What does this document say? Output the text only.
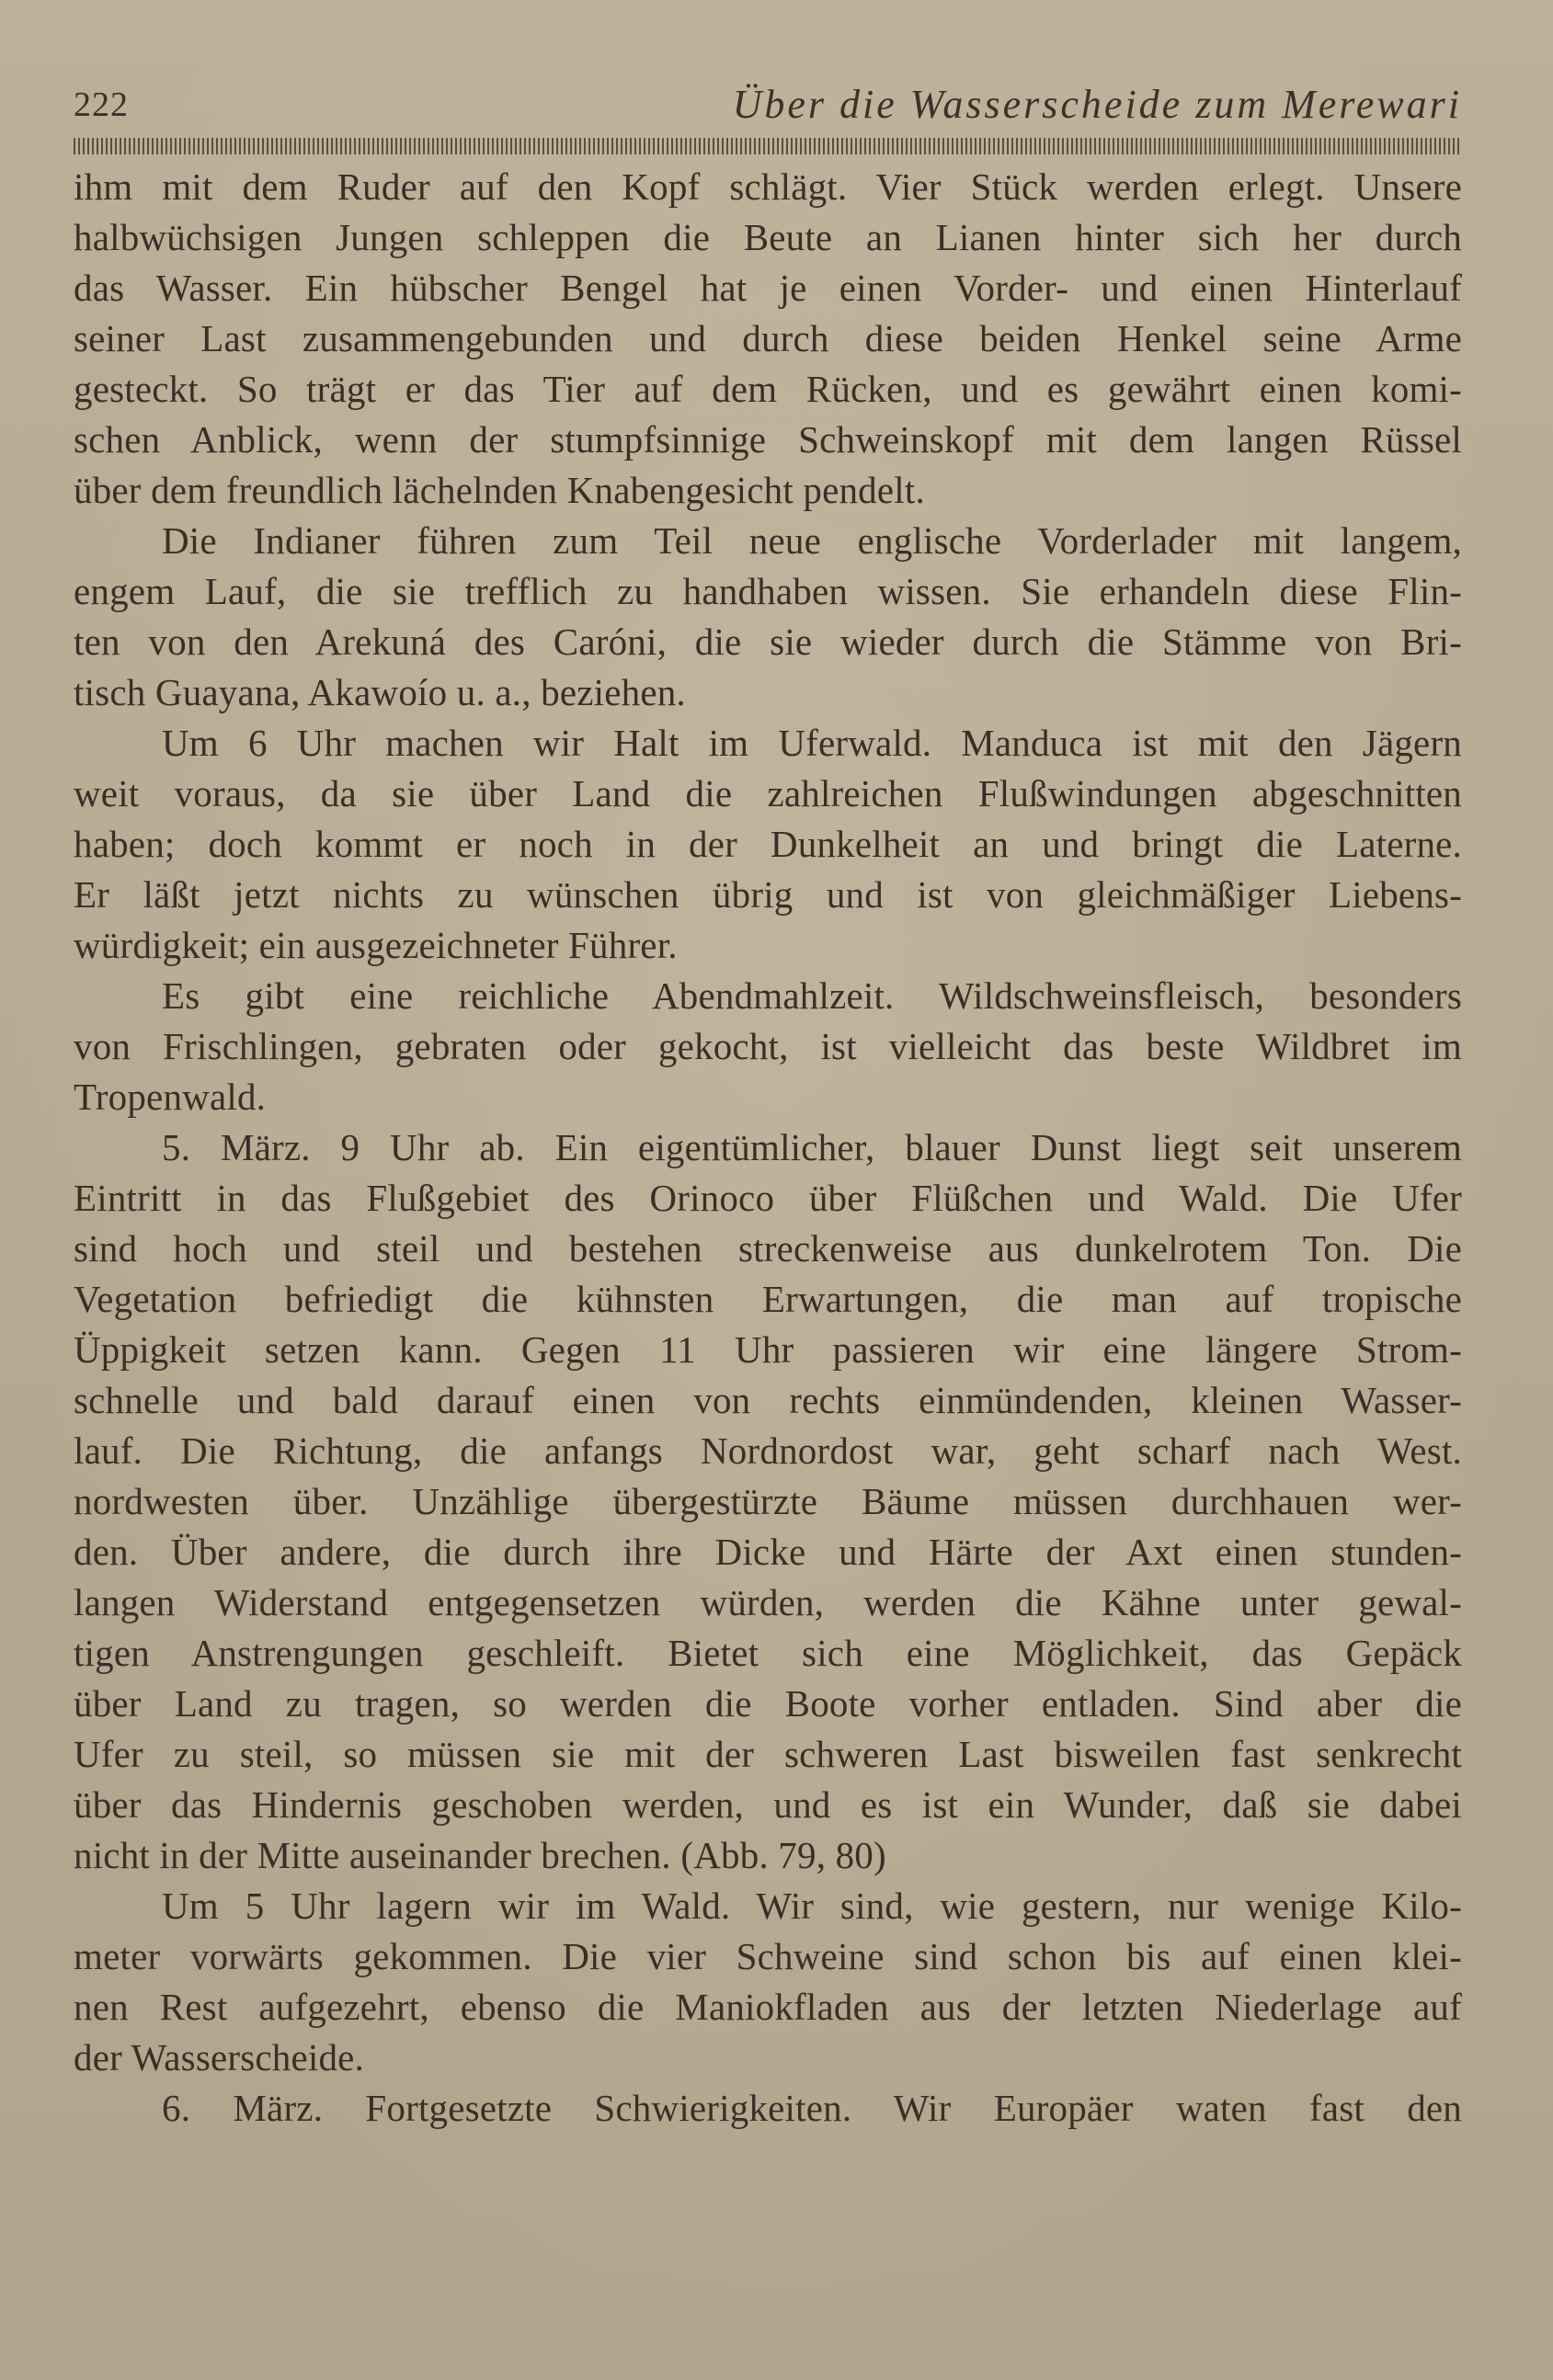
222	Über die Wasserscheide zum Merewari
ihm mit dem Ruder auf den Kopf schlägt. Vier Stück werden erlegt. Unsere
halbwüchsigen Jungen schleppen die Beute an Lianen hinter sich her durch
das Wasser. Ein hübscher Bengel hat je einen Vorder- und einen Hinterlauf
seiner Last zusammengebunden und durch diese beiden Henkel seine Arme
gesteckt. So trägt er das Tier auf dem Rücken, und es gewährt einen komi-
schen Anblick, wenn der stumpfsinnige Schweinskopf mit dem langen Rüssel
über dem freundlich lächelnden Knabengesicht pendelt.
Die Indianer führen zum Teil neue englische Vorderlader mit langem,
engem Lauf, die sie trefflich zu handhaben wissen. Sie erhandeln diese Flin-
ten von den Arekuná des Caróni, die sie wieder durch die Stämme von Bri-
tisch Guayana, Akawoío u. a., beziehen.
Um 6 Uhr machen wir Halt im Uferwald. Manduca ist mit den Jägern
weit voraus, da sie über Land die zahlreichen Flußwindungen abgeschnitten
haben; doch kommt er noch in der Dunkelheit an und bringt die Laterne.
Er läßt jetzt nichts zu wünschen übrig und ist von gleichmäßiger Liebens-
würdigkeit; ein ausgezeichneter Führer.
Es gibt eine reichliche Abendmahlzeit. Wildschweinsfleisch, besonders
von Frischlingen, gebraten oder gekocht, ist vielleicht das beste Wildbret im
Tropenwald.
5. März. 9 Uhr ab. Ein eigentümlicher, blauer Dunst liegt seit unserem
Eintritt in das Flußgebiet des Orinoco über Flüßchen und Wald. Die Ufer
sind hoch und steil und bestehen streckenweise aus dunkelrotem Ton. Die
Vegetation befriedigt die kühnsten Erwartungen, die man auf tropische
Üppigkeit setzen kann. Gegen 11 Uhr passieren wir eine längere Strom-
schnelle und bald darauf einen von rechts einmündenden, kleinen Wasser-
lauf. Die Richtung, die anfangs Nordnordost war, geht scharf nach West.
nordwesten über. Unzählige übergestürzte Bäume müssen durchhauen wer-
den. Über andere, die durch ihre Dicke und Härte der Axt einen stunden-
langen Widerstand entgegensetzen würden, werden die Kähne unter gewal-
tigen Anstrengungen geschleift. Bietet sich eine Möglichkeit, das Gepäck
über Land zu tragen, so werden die Boote vorher entladen. Sind aber die
Ufer zu steil, so müssen sie mit der schweren Last bisweilen fast senkrecht
über das Hindernis geschoben werden, und es ist ein Wunder, daß sie dabei
nicht in der Mitte auseinander brechen. (Abb. 79, 80)
Um 5 Uhr lagern wir im Wald. Wir sind, wie gestern, nur wenige Kilo-
meter vorwärts gekommen. Die vier Schweine sind schon bis auf einen klei-
nen Rest aufgezehrt, ebenso die Maniokfladen aus der letzten Niederlage auf
der Wasserscheide.
6. März. Fortgesetzte Schwierigkeiten. Wir Europäer waten fast den
